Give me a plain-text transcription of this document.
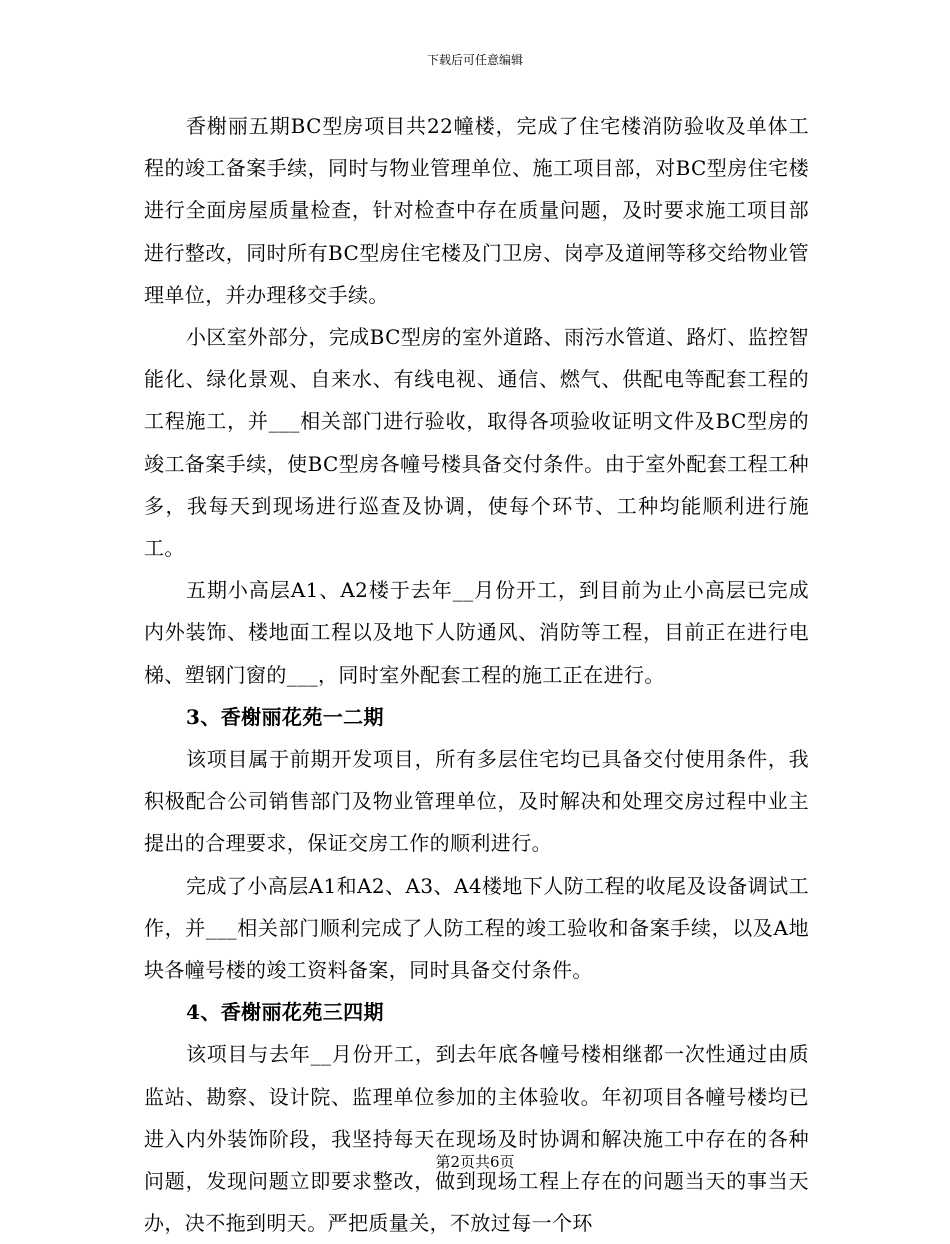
下载后可任意编辑

香榭丽五期BC型房项目共22幢楼，完成了住宅楼消防验收及单体工程的竣工备案手续，同时与物业管理单位、施工项目部，对BC型房住宅楼进行全面房屋质量检查，针对检查中存在质量问题，及时要求施工项目部进行整改，同时所有BC型房住宅楼及门卫房、岗亭及道闸等移交给物业管理单位，并办理移交手续。

小区室外部分，完成BC型房的室外道路、雨污水管道、路灯、监控智能化、绿化景观、自来水、有线电视、通信、燃气、供配电等配套工程的工程施工，并___相关部门进行验收，取得各项验收证明文件及BC型房的竣工备案手续，使BC型房各幢号楼具备交付条件。由于室外配套工程工种多，我每天到现场进行巡查及协调，使每个环节、工种均能顺利进行施工。

五期小高层A1、A2楼于去年__月份开工，到目前为止小高层已完成内外装饰、楼地面工程以及地下人防通风、消防等工程，目前正在进行电梯、塑钢门窗的___，同时室外配套工程的施工正在进行。

3、香榭丽花苑一二期

该项目属于前期开发项目，所有多层住宅均已具备交付使用条件，我积极配合公司销售部门及物业管理单位，及时解决和处理交房过程中业主提出的合理要求，保证交房工作的顺利进行。

完成了小高层A1和A2、A3、A4楼地下人防工程的收尾及设备调试工作，并___相关部门顺利完成了人防工程的竣工验收和备案手续，以及A地块各幢号楼的竣工资料备案，同时具备交付条件。

4、香榭丽花苑三四期

该项目与去年__月份开工，到去年底各幢号楼相继都一次性通过由质监站、勘察、设计院、监理单位参加的主体验收。年初项目各幢号楼均已进入内外装饰阶段，我坚持每天在现场及时协调和解决施工中存在的各种问题，发现问题立即要求整改，做到现场工程上存在的问题当天的事当天办，决不拖到明天。严把质量关，不放过每一个环

第2页共6页
